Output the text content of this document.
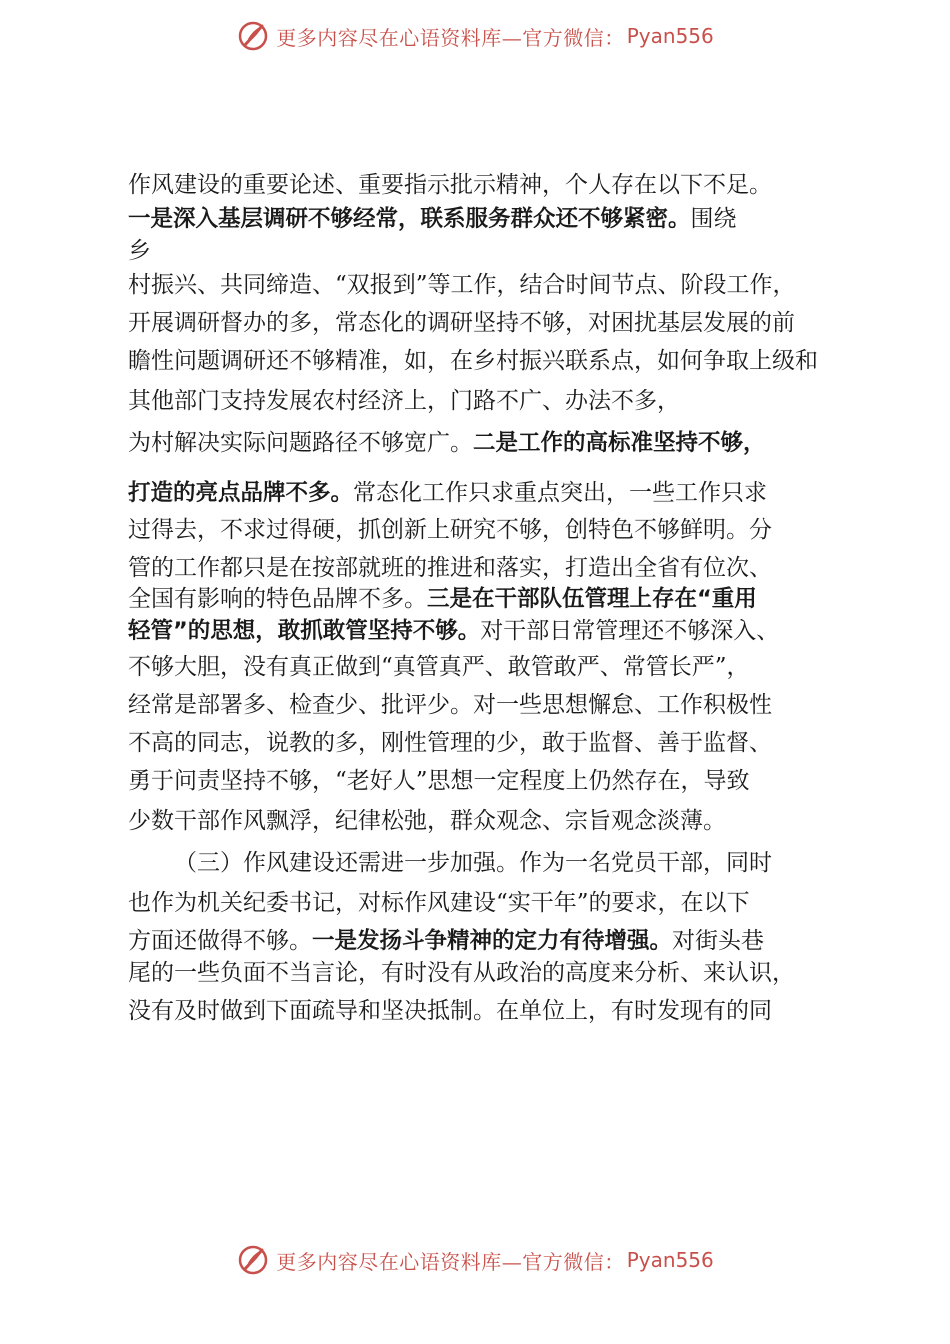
更多内容尽在心语资料库—官方微信： Pyan556
作风建设的重要论述、重要指示批示精神，个人存在以下不足。
一是深入基层调研不够经常，联系服务群众还不够紧密。围绕
乡
村振兴、共同缔造、“双报到”等工作，结合时间节点、阶段工作，
开展调研督办的多，常态化的调研坚持不够，对困扰基层发展的前
瞻性问题调研还不够精准，如，在乡村振兴联系点，如何争取上级和
其他部门支持发展农村经济上，门路不广、办法不多，
为村解决实际问题路径不够宽广。二是工作的高标准坚持不够，
打造的亮点品牌不多。常态化工作只求重点突出，一些工作只求
过得去，不求过得硬，抓创新上研究不够，创特色不够鲜明。分
管的工作都只是在按部就班的推进和落实，打造出全省有位次、
全国有影响的特色品牌不多。三是在干部队伍管理上存在“重用
轻管”的思想，敢抓敢管坚持不够。对干部日常管理还不够深入、
不够大胆，没有真正做到“真管真严、敢管敢严、常管长严”，
经常是部署多、检查少、批评少。对一些思想懈怠、工作积极性
不高的同志，说教的多，刚性管理的少，敢于监督、善于监督、
勇于问责坚持不够，“老好人”思想一定程度上仍然存在，导致
少数干部作风飘浮，纪律松弛，群众观念、宗旨观念淡薄。
（三）作风建设还需进一步加强。作为一名党员干部，同时
也作为机关纪委书记，对标作风建设“实干年”的要求，在以下
方面还做得不够。一是发扬斗争精神的定力有待增强。对街头巷
尾的一些负面不当言论，有时没有从政治的高度来分析、来认识，
没有及时做到下面疏导和坚决抵制。在单位上，有时发现有的同
更多内容尽在心语资料库—官方微信： Pyan556
